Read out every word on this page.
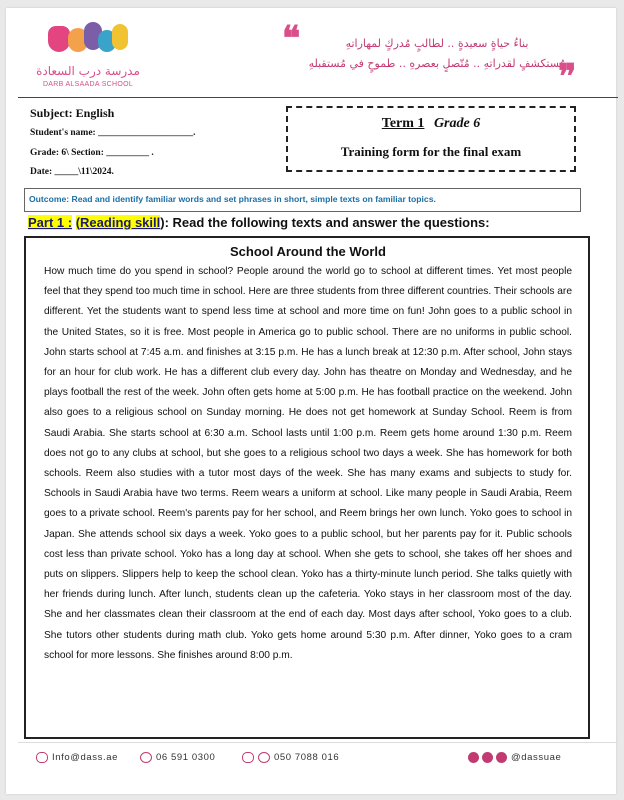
مدرسة درب السعادة
DARB ALSAADA SCHOOL
❝	بناءُ حياةٍ سعيدةٍ .. لطالبٍ مُدركٍ لمهاراتهِ
مُستكشفٍ لقدراتهِ .. مُتّصلٍ بعصرهِ .. طموحٍ في مُستقبلهِ
❞
Subject: English
Student's name: ____________________.
Grade: 6\ Section: _________ .
Date: _____\11\2024.
Term 1 Grade 6
Training form for the final exam
Outcome: Read and identify familiar words and set phrases in short, simple texts on familiar topics.
Part 1 : (Reading skill): Read the following texts and answer the questions:
School Around the World

How much time do you spend in school? People around the world go to school at different times. Yet most people feel that they spend too much time in school. Here are three students from three different countries. Their schools are different. Yet the students want to spend less time at school and more time on fun! John goes to a public school in the United States, so it is free. Most people in America go to public school. There are no uniforms in public school. John starts school at 7:45 a.m. and finishes at 3:15 p.m. He has a lunch break at 12:30 p.m. After school, John stays for an hour for club work. He has a different club every day. John has theatre on Monday and Wednesday, and he plays football the rest of the week. John often gets home at 5:00 p.m. He has football practice on the weekend. John also goes to a religious school on Sunday morning. He does not get homework at Sunday School. Reem is from Saudi Arabia. She starts school at 6:30 a.m. School lasts until 1:00 p.m. Reem gets home around 1:30 p.m. Reem does not go to any clubs at school, but she goes to a religious school two days a week. She has homework for both schools. Reem also studies with a tutor most days of the week. She has many exams and subjects to study for. Schools in Saudi Arabia have two terms. Reem wears a uniform at school. Like many people in Saudi Arabia, Reem goes to a private school. Reem's parents pay for her school, and Reem brings her own lunch. Yoko goes to school in Japan. She attends school six days a week. Yoko goes to a public school, but her parents pay for it. Public schools cost less than private school. Yoko has a long day at school. When she gets to school, she takes off her shoes and puts on slippers. Slippers help to keep the school clean. Yoko has a thirty-minute lunch period. She talks quietly with her friends during lunch. After lunch, students clean up the cafeteria. Yoko stays in her classroom most of the day. She and her classmates clean their classroom at the end of each day. Most days after school, Yoko goes to a club. She tutors other students during math club. Yoko gets home around 5:30 p.m. After dinner, Yoko goes to a cram school for more lessons. She finishes around 8:00 p.m.

Info@dass.ae	06 591 0300	050 7088 016	@dassuae
